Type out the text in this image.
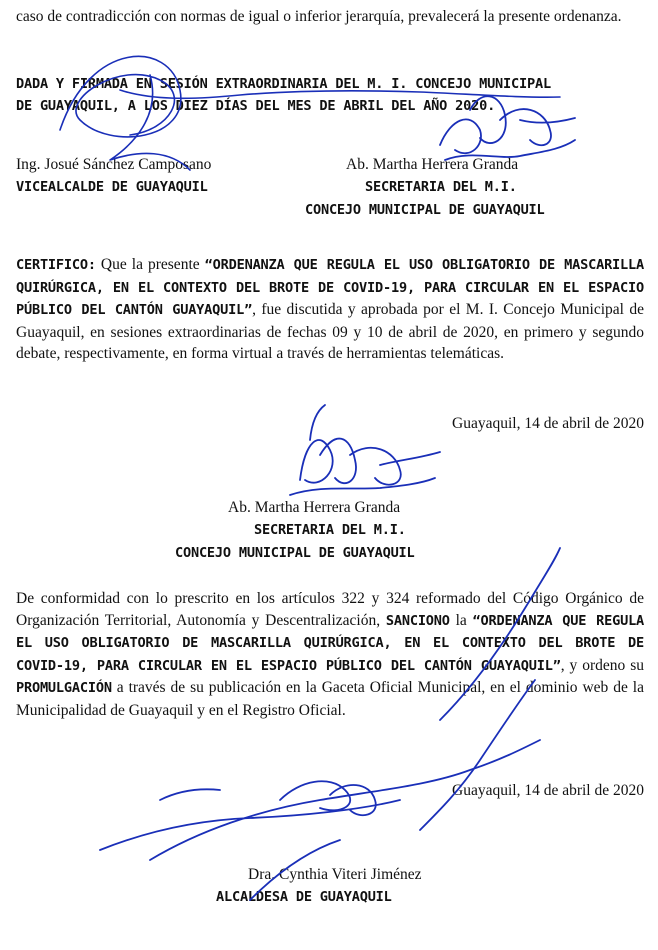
caso de contradicción con normas de igual o inferior jerarquía, prevalecerá la presente ordenanza.

DADA Y FIRMADA EN SESIÓN EXTRAORDINARIA DEL M. I. CONCEJO MUNICIPAL
DE GUAYAQUIL, A LOS DIEZ DÍAS DEL MES DE ABRIL DEL AÑO 2020.
Ing. Josué Sánchez Camposano
VICEALCALDE DE GUAYAQUIL
Ab. Martha Herrera Granda
SECRETARIA DEL M.I.
CONCEJO MUNICIPAL DE GUAYAQUIL

CERTIFICO: Que la presente “ORDENANZA QUE REGULA EL USO OBLIGATORIO DE MASCARILLA QUIRÚRGICA, EN EL CONTEXTO DEL BROTE DE COVID-19, PARA CIRCULAR EN EL ESPACIO PÚBLICO DEL CANTÓN GUAYAQUIL”, fue discutida y aprobada por el M. I. Concejo Municipal de Guayaquil, en sesiones extraordinarias de fechas 09 y 10 de abril de 2020, en primero y segundo debate, respectivamente, en forma virtual a través de herramientas telemáticas.

Guayaquil, 14 de abril de 2020
Ab. Martha Herrera Granda
SECRETARIA DEL M.I.
CONCEJO MUNICIPAL DE GUAYAQUIL

De conformidad con lo prescrito en los artículos 322 y 324 reformado del Código Orgánico de Organización Territorial, Autonomía y Descentralización, SANCIONO la “ORDENANZA QUE REGULA EL USO OBLIGATORIO DE MASCARILLA QUIRÚRGICA, EN EL CONTEXTO DEL BROTE DE COVID-19, PARA CIRCULAR EN EL ESPACIO PÚBLICO DEL CANTÓN GUAYAQUIL”, y ordeno su PROMULGACIÓN a través de su publicación en la Gaceta Oficial Municipal, en el dominio web de la Municipalidad de Guayaquil y en el Registro Oficial.

Guayaquil, 14 de abril de 2020
Dra. Cynthia Viteri Jiménez
ALCALDESA DE GUAYAQUIL
